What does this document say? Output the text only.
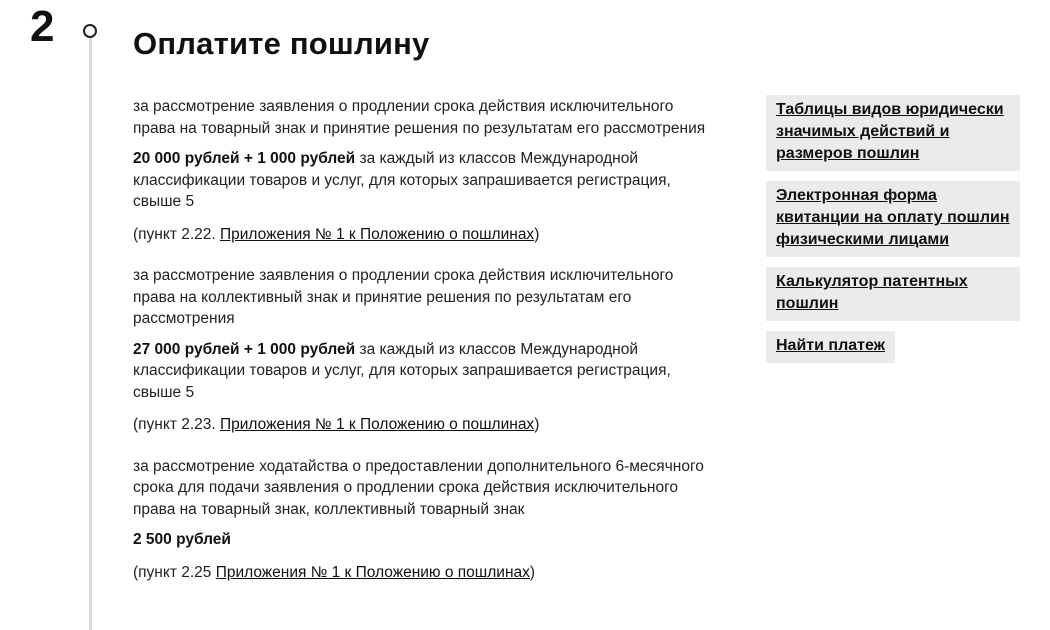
2	Оплатите пошлину

за рассмотрение заявления о продлении срока действия исключительного права на товарный знак и принятие решения по результатам его рассмотрения

20 000 рублей + 1 000 рублей за каждый из классов Международной классификации товаров и услуг, для которых запрашивается регистрация, свыше 5

(пункт 2.22. Приложения № 1 к Положению о пошлинах)

за рассмотрение заявления о продлении срока действия исключительного права на коллективный знак и принятие решения по результатам его рассмотрения

27 000 рублей + 1 000 рублей за каждый из классов Международной классификации товаров и услуг, для которых запрашивается регистрация, свыше 5

(пункт 2.23. Приложения № 1 к Положению о пошлинах)

за рассмотрение ходатайства о предоставлении дополнительного 6-месячного срока для подачи заявления о продлении срока действия исключительного права на товарный знак, коллективный товарный знак

2 500 рублей

(пункт 2.25 Приложения № 1 к Положению о пошлинах)

Таблицы видов юридически значимых действий и размеров пошлин
Электронная форма квитанции на оплату пошлин физическими лицами
Калькулятор патентных пошлин
Найти платеж
